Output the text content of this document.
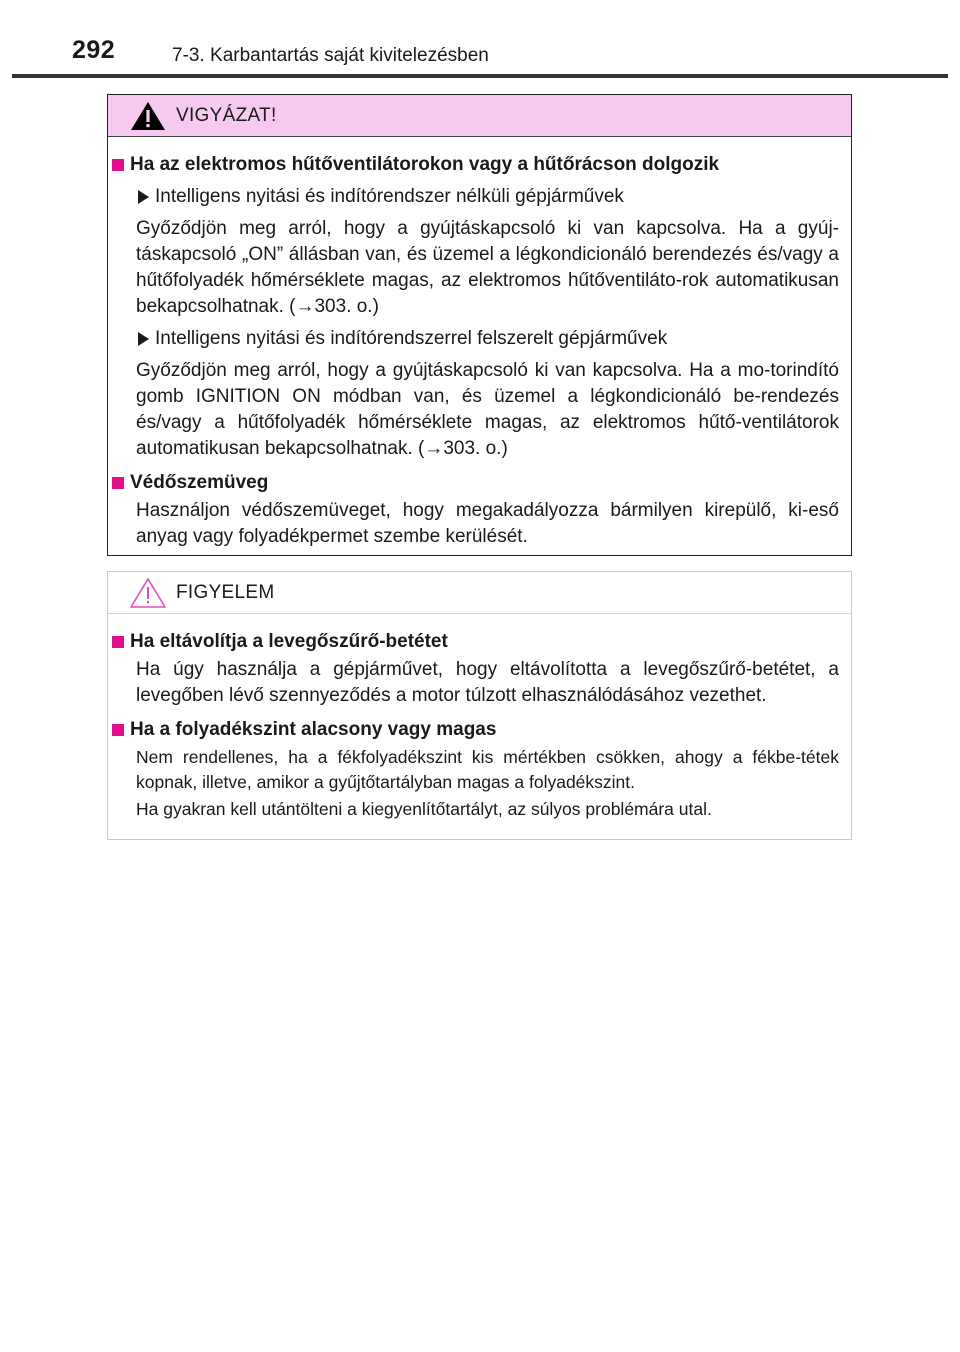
292	7-3. Karbantartás saját kivitelezésben
VIGYÁZAT!
Ha az elektromos hűtőventilátorokon vagy a hűtőrácson dolgozik
Intelligens nyitási és indítórendszer nélküli gépjárművek

Győződjön meg arról, hogy a gyújtáskapcsoló ki van kapcsolva. Ha a gyúj-táskapcsoló „ON” állásban van, és üzemel a légkondicionáló berendezés és/vagy a hűtőfolyadék hőmérséklete magas, az elektromos hűtőventiláto-rok automatikusan bekapcsolhatnak. (→303. o.)

Intelligens nyitási és indítórendszerrel felszerelt gépjárművek

Győződjön meg arról, hogy a gyújtáskapcsoló ki van kapcsolva. Ha a mo-torindító gomb IGNITION ON módban van, és üzemel a légkondicionáló be-rendezés és/vagy a hűtőfolyadék hőmérséklete magas, az elektromos hűtő-ventilátorok automatikusan bekapcsolhatnak. (→303. o.)

Védőszemüveg

Használjon védőszemüveget, hogy megakadályozza bármilyen kirepülő, ki-eső anyag vagy folyadékpermet szembe kerülését.

FIGYELEM
Ha eltávolítja a levegőszűrő-betétet

Ha úgy használja a gépjárművet, hogy eltávolította a levegőszűrő-betétet, a levegőben lévő szennyeződés a motor túlzott elhasználódásához vezethet.

Ha a folyadékszint alacsony vagy magas

Nem rendellenes, ha a fékfolyadékszint kis mértékben csökken, ahogy a fékbe-tétek kopnak, illetve, amikor a gyűjtőtartályban magas a folyadékszint.

Ha gyakran kell utántölteni a kiegyenlítőtartályt, az súlyos problémára utal.
